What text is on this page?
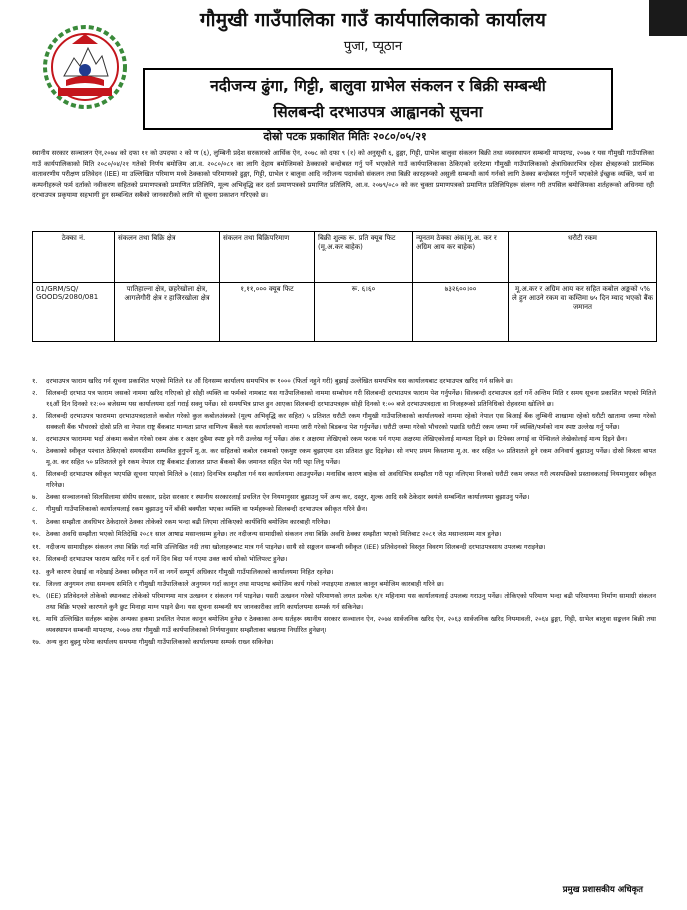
गौमुखी गाउँपालिका गाउँ कार्यपालिकाको कार्यालय
पुजा, प्यूठान
नदीजन्य ढुंगा, गिट्टी, बालुवा ग्राभेल संकलन र बिक्री सम्बन्धी
सिलबन्दी दरभाउपत्र आह्वानको सूचना
दोस्रो पटक प्रकाशित मितिः २०८०/०५/२१
स्थानीय सरकार सञ्चालन ऐन,२०७४ को दफा ११ को उपदफा २ को ण (६), लुम्बिनी प्रदेश सरकारको आर्थिक ऐन, २०७८ को दफा ९ (१) को अनुसूची ६, ढुङ्गा, गिट्टी, ग्राभेल बालुवा संकलन बिक्री तथा व्यवस्थापन सम्बन्धी मापदण्ड, २०७७ र यस गौमुखी गाउँपालिका गाउँ कार्यपालिकाको मिति २०८०/०४/२१ गतेको निर्णय बमोजिम आ.व. २०८०/०८१ का लागि देहाय बमोजिमको ठेक्काको बन्दोबस्त गर्नु पर्ने भएकोले गाउँ कार्यपालिकाका ठेकिएको दररेटमा गौमुखी गाउँपालिकाको क्षेत्राधिकारभित्र रहेका क्षेत्रहरूको प्रारम्भिक वातावरणीय परीक्षण प्रतिवेदन (IEE) मा उल्लिखित परिमाण मध्ये ठेक्काको परिमाणको ढुङ्गा, गिट्टी, ग्राभेल र बालुवा आदि नदीजन्य पदार्थको संकलन तथा बिक्री कारहरूको असुली सम्बन्धी कार्य गर्नको लागि ठेक्का बन्दोबस्त गर्नुपर्ने भएकोले ईच्छुक व्यक्ति, फर्म वा कम्पनीहरूले फर्म दर्ताको नवीकरण सहितको प्रमाणपत्रको प्रमाणित प्रतिलिपि, मूल्य अभिवृद्धि कर दर्ता प्रमाणपत्रको प्रमाणित प्रतिलिपि, आ.व. २०७९/०८० को कर चुक्ता प्रमाणपत्रको प्रमाणित प्रतिलिपिहरू संलग्न गरी तपसिल बमोजिमका शर्तहरूको अधिनमा रही दरभाउपत्र प्रकृयामा सहभागी हुन सम्बन्धित सबैको जानकारीको लागि यो सूचना प्रकाशन गरिएको छ।
ठेक्का नं.	संकलन तथा बिक्रि क्षेत्र	संकलन तथा बिक्रिपरिमाण	बिक्री शुल्क रू. प्रति क्यूब फिट (मू.अ.कर बाहेक)	न्यूनतम ठेक्का अंक(मू.अ. कर र अग्रिम आय कर बाहेक)	धरौटी रकम
01/GRM/SQ/ GOODS/2080/081	पातिहाल्ना क्षेत्र, छहरेखोला क्षेत्र, आगलेगौरी क्षेत्र र हाजिरखोला क्षेत्र	१,११,००० क्यूब फिट	रू. ६।६०	७३२६००।००	मू.अ.कर र अग्रिम आय कर सहित कबोल अङ्कको ५% ले हुन आउने रकम वा कम्तिमा ७५ दिन म्याद भएको बैंक जमानत
१.	दरभाउपत्र फाराम खरिद गर्न सूचना प्रकाशित भएको मितिले १४ औं दिनसम्म कार्यालय समयभित्र रू १००० (फिर्ता नहुने गरी) बुझाई उल्लेखित समयभित्र यस कार्यालयबाट दरभाउपत्र खरिद गर्न सकिने छ।
२.	सिलबन्दी दरभाउ पत्र फाराम जसको नाममा खरिद गरिएको हो सोही व्यक्ति वा फर्मको नामबाट यस गाउँपालिकाको नाममा सम्बोधन गरी सिलबन्दी दरभाउपत्र फाराम पेश गर्नुपर्नेछ। सिलबन्दी दरभाउपत्र दर्ता गर्ने अन्तिम मिति र समय सूचना प्रकाशित भएको मितिले १६औं दिन दिनको १२:०० बजेसम्म यस कार्यालयमा दर्ता गराई सक्नु पर्नेछ। सो समयभित्र प्राप्त हुन आएका सिलबन्दी दरभाउपत्रहरू सोही दिनको १:०० बजे दरभाउपत्रदाता वा निजहरूको प्रतिनिधिको रोहवरमा खोलिने छ।
३.	सिलबन्दी दरभाउपत्र फाराममा दरभाउपत्रदाताले कबोल गरेको कुल कबोलअंकको (मूल्य अभिवृद्धि कर सहित) ५ प्रतिशत धरौटी रकम गौमुखी गाउँपालिकाको कार्यालयको नाममा रहेको नेपाल एस बिआई बैंक लुम्बिनी शाखामा रहेको धरौटी खातामा जम्मा गरेको सक्कली बैंक भौचरको दोस्रो प्रति वा नेपाल राष्ट्र बैंकबाट मान्यता प्राप्त वाणिज्य बैंकले यस कार्यालयको नाममा जारी गरेको बिडबन्ड पेश गर्नुपर्नेछ। धरौटी जम्मा गरेको भौचरको पछाडि धरौटी रकम जम्मा गर्ने व्यक्ति/फर्मको नाम स्पष्ट उल्लेख गर्नु पर्नेछ।
४.	दरभाउपत्र फाराममा भर्दा अंकमा कबोल गरेको रकम अंक र अक्षर दुबैमा स्पष्ट हुने गरी उल्लेख गर्नु पर्नेछ। अंक र अक्षरमा लेखिएको रकम फरक पर्न गएमा अक्षरमा लेखिएकोलाई मान्यता दिइने छ। टिपेक्स लगाई वा पेन्सिलले लेखेकोलाई मान्य दिइने छैन।
५.	ठेक्काको स्वीकृत पश्चात ठेकिएको समयसीमा सम्भवित हुनुपर्ने मू.अ. कर सहितको कबोल रकमको एकमुष्ट रकम बुझाएमा दश प्रतिशत छुट दिइनेछ। सो नभए प्रथम किस्तामा मू.अ. कर सहित ५० प्रतिशतले हुने रकम अनिवार्य बुझाउनु पर्नेछ। दोस्रो किस्ता बापत मू.अ. कर सहित ५० प्रतिशतले हुने रकम नेपाल राष्ट्र बैंकबाट ईजाजत प्राप्त बैंकको बैंक जमानत सहित पेश गरी पट्टा लिनु पर्नेछ।
६.	सिलबन्दी दरभाउपत्र स्वीकृत भएपछि सूचना पाएको मितिले ७ (सात) दिनभित्र सम्झौता गर्न यस कार्यालयमा आउनुपर्नेछ। मनासिब कारण बाहेक सो अवधिभित्र सम्झौता गरी पट्टा नलिएमा निजको धरौटी रकम जफत गरी त्यसपछिको प्रस्तावकलाई नियमानुसार स्वीकृत गरिनेछ।
७.	ठेक्का सञ्चालनको सिलसिलामा संघीय सरकार, प्रदेश सरकार र स्थानीय सरकारलाई प्रचलित ऐन नियमानुसार बुझाउनु पर्ने अन्य कर, दस्तुर, शुल्क आदि सबै ठेकेदार स्वयंले सम्बन्धित कार्यालयमा बुझाउनु पर्नेछ।
८.	गौमुखी गाउँपालिकाको कार्यालयलाई रकम बुझाउनु पर्ने बाँकी बक्यौता भएका व्यक्ति वा फर्महरूको सिलबन्दी दरभाउपत्र स्वीकृत गरिने छैन।
९.	ठेक्का सम्झौता अवधिभर ठेकेदारले ठेक्का तोकेको रकम भन्दा बढी लिएमा तोकिएको कार्यविधि बमोजिम कारबाही गरिनेछ।
१०. ठेक्का अवधि सम्झौता भएको मितिदेखि २०८१ साल आषाढ मसान्तसम्म हुनेछ। तर नदीजन्य सामाग्रीको संकलन तथा बिक्रि अवधि ठेक्का सम्झौता भएको मितिबाट २०८१ जेठ मसान्तसम्म मात्र हुनेछ।
११. नदीजन्य सामाग्रीहरू संकलन तथा बिक्रि गर्दा माथि उल्लिखित नदी तथा खोलाहरूबाट मात्र गर्न पाइनेछ। साथै सो सङ्कलन सम्बन्धी स्वीकृत (IEE) प्रतिवेदनको विस्तृत विवरण सिलबन्दी दरभाउपत्रसाथ उपलब्ध गराइनेछ।
१२. सिलबन्दी दरभाउपत्र फाराम खरिद गर्ने र दर्ता गर्ने दिन बिदा पर्न गएमा उक्त कार्य सोको भोलिपल्ट हुनेछ।
१३. कुनै कारण देखाई वा नदेखाई ठेक्का स्वीकृत गर्ने वा नगर्ने सम्पूर्ण अधिकार गौमुखी गाउँपालिकाको कार्यालयमा निहित रहनेछ।
१४. जिल्ला अनुगमन तथा समन्वय समिति र गौमुखी गाउँपालिकाले अनुगमन गर्दा कानून तथा मापदण्ड बमोजिम कार्य गरेको नपाइएमा तत्काल कानून बमोजिम कारबाही गरिने छ।
१५. (IEE) प्रतिवेदनले तोकेको स्थानबाट तोकेको परिमाणमा मात्र उत्खनन र संकलन गर्न पाइनेछ। यसरी उत्खनन गरेको परिमाणको लगत प्रत्येक १/१ महिनामा यस कार्यालयलाई उपलब्ध गराउनु पर्नेछ। तोकिएको परिमाण भन्दा बढी परिमाणमा निर्माण सामाग्री संकलन तथा बिक्रि भएको कारणले कुनै छुट मिनाहा माग्न पाइने छैन। यस सूचना सम्बन्धी थप जानकारीका लागि कार्यालयमा सम्पर्क गर्न सकिनेछ।
१६. माथि उल्लिखित सर्तहरू बाहेक अन्यका हकमा प्रचलित नेपाल कानून बमोजिम हुनेछ र ठेक्काका अन्य सर्तहरू स्थानीय सरकार सञ्चालन ऐन, २०७४ सार्वजनिक खरिद ऐन, २०६३ सार्वजनिक खरिद नियमावली, २०६४ ढुङ्गा, गिट्टी, ग्राभेल बालुवा सङ्कलन बिक्री तथा व्यवस्थापन सम्बन्धी मापदण्ड, २०७७ तथा गौमुखी गाउँ कार्यपालिकाको निर्णयानुसार सम्झौताका बखतमा निर्धारित हुनेछन्।
१७. अन्य कुरा बुझ्नु परेमा कार्यालय समयमा गौमुखी गाउँपालिकाको कार्यालयमा सम्पर्क राख्न सकिनेछ।
प्रमुख प्रशासकीय अधिकृत
